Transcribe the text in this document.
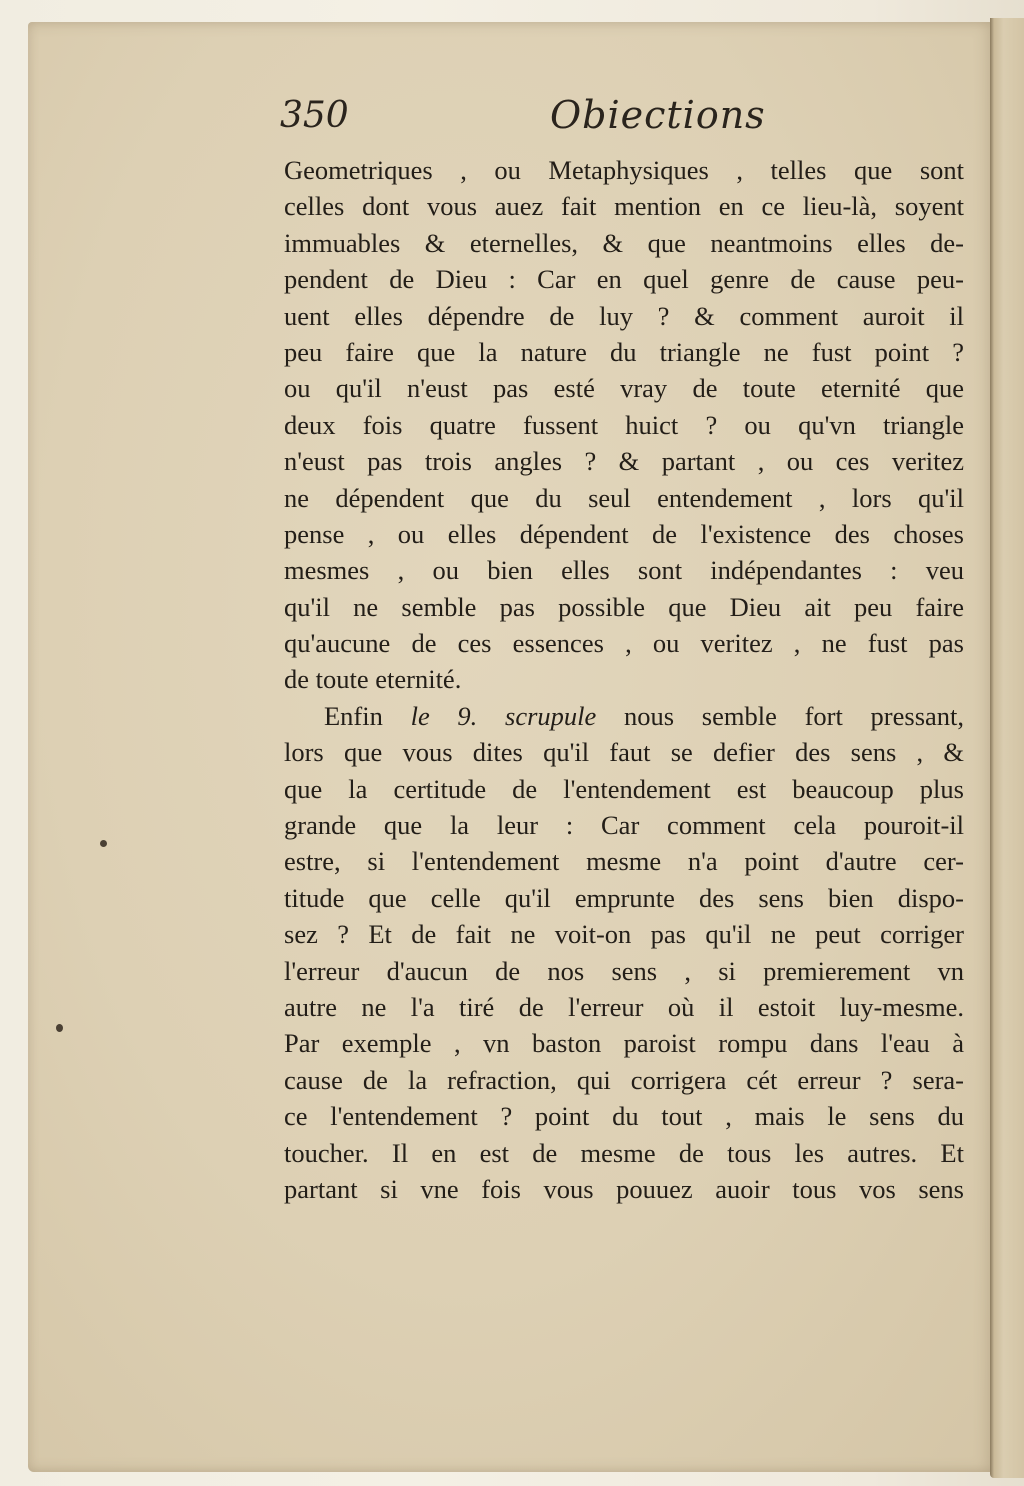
350	Obiections
Geometriques , ou Metaphysiques , telles que sont
celles dont vous auez fait mention en ce lieu-là, soyent
immuables & eternelles, & que neantmoins elles de-
pendent de Dieu : Car en quel genre de cause peu-
uent elles dépendre de luy ? & comment auroit il
peu faire que la nature du triangle ne fust point ?
ou qu'il n'eust pas esté vray de toute eternité que
deux fois quatre fussent huict ? ou qu'vn triangle
n'eust pas trois angles ? & partant , ou ces veritez
ne dépendent que du seul entendement , lors qu'il
pense , ou elles dépendent de l'existence des choses
mesmes , ou bien elles sont indépendantes : veu
qu'il ne semble pas possible que Dieu ait peu faire
qu'aucune de ces essences , ou veritez , ne fust pas
de toute eternité.
Enfin le 9. scrupule nous semble fort pressant,
lors que vous dites qu'il faut se defier des sens , &
que la certitude de l'entendement est beaucoup plus
grande que la leur : Car comment cela pouroit-il
estre, si l'entendement mesme n'a point d'autre cer-
titude que celle qu'il emprunte des sens bien dispo-
sez ? Et de fait ne voit-on pas qu'il ne peut corriger
l'erreur d'aucun de nos sens , si premierement vn
autre ne l'a tiré de l'erreur où il estoit luy-mesme.
Par exemple , vn baston paroist rompu dans l'eau à
cause de la refraction, qui corrigera cét erreur ? sera-
ce l'entendement ? point du tout , mais le sens du
toucher. Il en est de mesme de tous les autres. Et
partant si vne fois vous pouuez auoir tous vos sens
